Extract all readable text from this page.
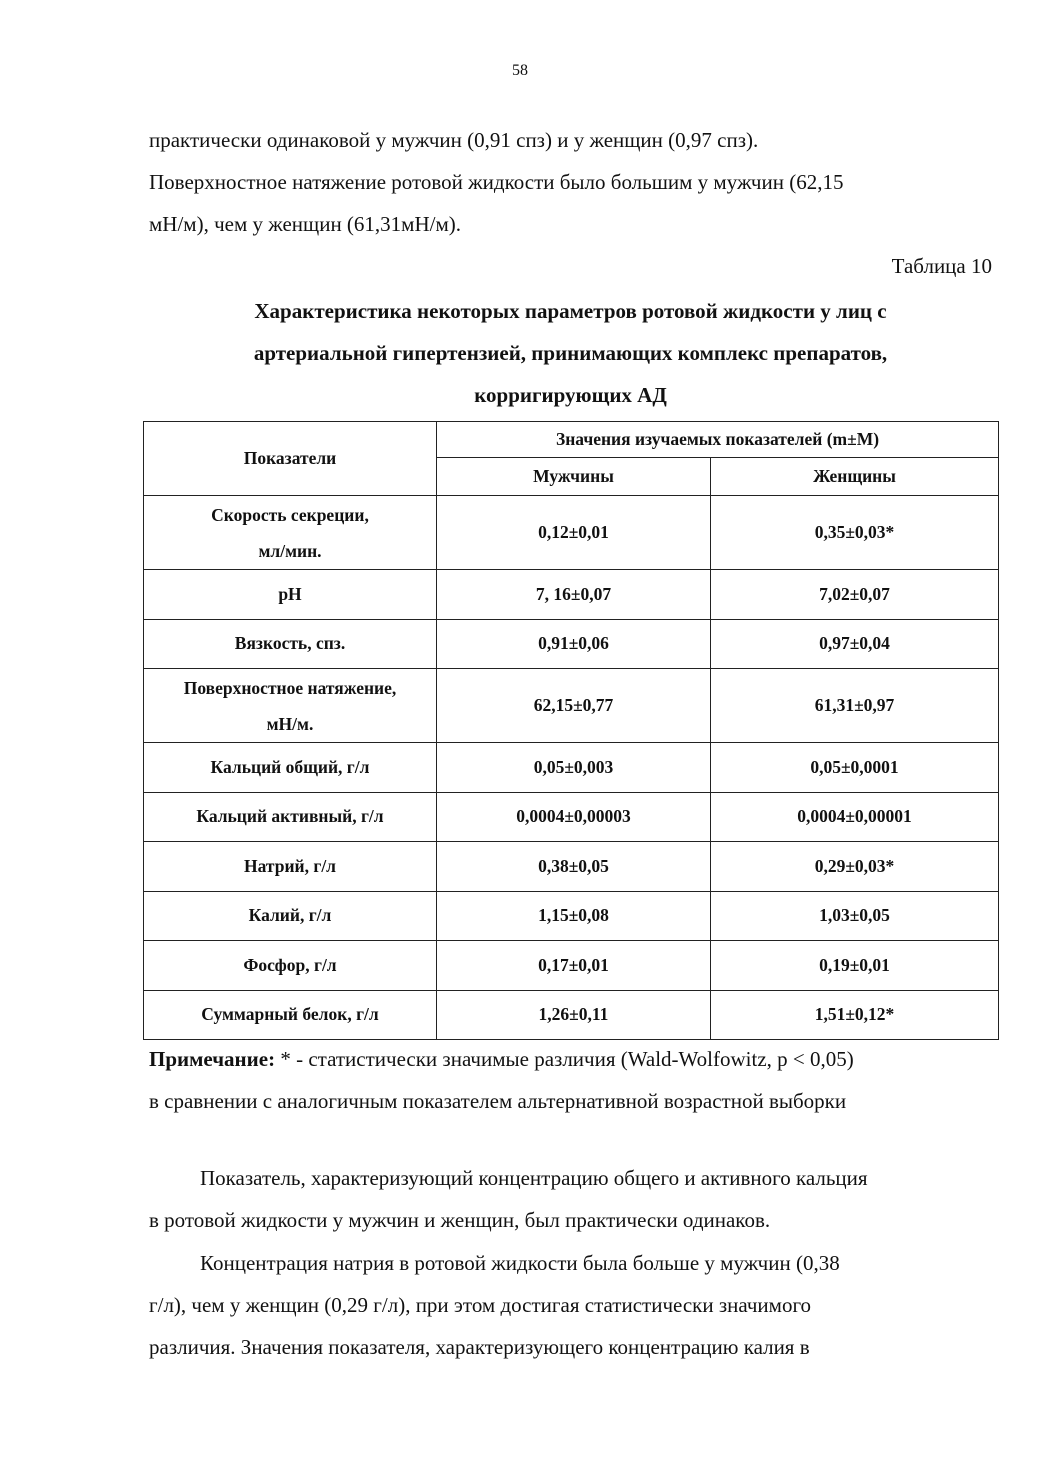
58
практически одинаковой у мужчин (0,91 спз) и у женщин (0,97 спз).
Поверхностное натяжение ротовой жидкости было большим у мужчин (62,15
мН/м), чем у женщин (61,31мН/м).
Таблица 10
Характеристика некоторых параметров ротовой жидкости у лиц с
артериальной гипертензией, принимающих комплекс препаратов,
корригирующих АД
Показатели	Значения изучаемых показателей (m±M)	
	Мужчины	Женщины

Скорость секреции,
мл/мин.	0,12±0,01	0,35±0,03*

pH	7, 16±0,07	7,02±0,07

Вязкость, спз.	0,91±0,06	0,97±0,04

Поверхностное натяжение,
мН/м.	62,15±0,77	61,31±0,97

Кальций общий, г/л	0,05±0,003	0,05±0,0001

Кальций активный, г/л	0,0004±0,00003	0,0004±0,00001

Натрий, г/л	0,38±0,05	0,29±0,03*

Калий, г/л	1,15±0,08	1,03±0,05

Фосфор, г/л	0,17±0,01	0,19±0,01

Суммарный белок, г/л	1,26±0,11	1,51±0,12*
Примечание: * - статистически значимые различия (Wald-Wolfowitz, p < 0,05)
в сравнении с аналогичным показателем альтернативной возрастной выборки
Показатель, характеризующий концентрацию общего и активного кальция
в ротовой жидкости у мужчин и женщин, был практически одинаков.
Концентрация натрия в ротовой жидкости была больше у мужчин (0,38
г/л), чем у женщин (0,29 г/л), при этом достигая статистически значимого
различия. Значения показателя, характеризующего концентрацию калия в
